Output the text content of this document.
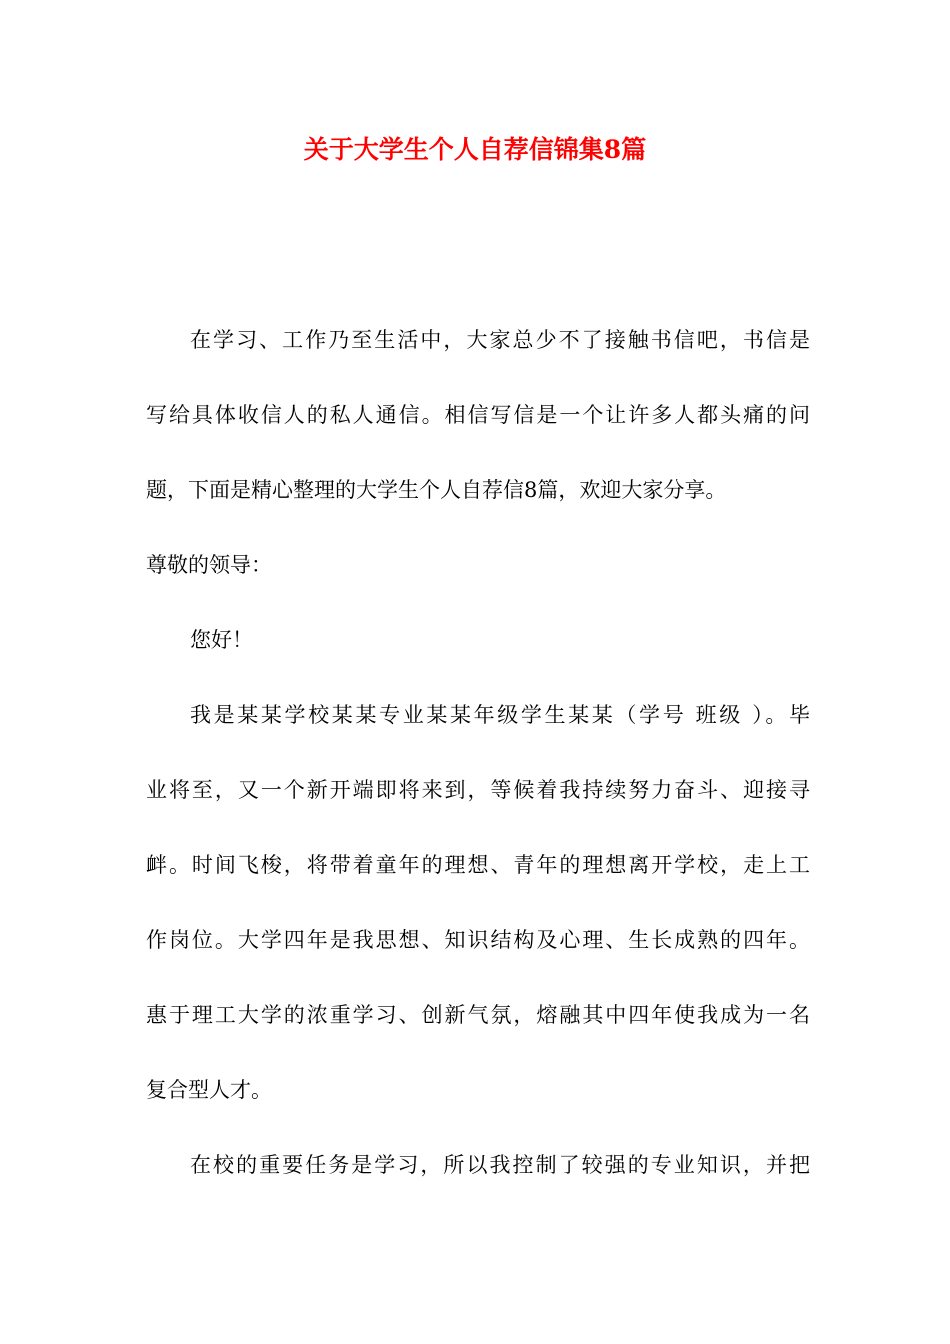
关于大学生个人自荐信锦集8篇
在学习、工作乃至生活中，大家总少不了接触书信吧，书信是
写给具体收信人的私人通信。相信写信是一个让许多人都头痛的问
题，下面是精心整理的大学生个人自荐信8篇，欢迎大家分享。
尊敬的领导：
您好！
我是某某学校某某专业某某年级学生某某（学号 班级 ）。毕
业将至，又一个新开端即将来到，等候着我持续努力奋斗、迎接寻
衅。时间飞梭，将带着童年的理想、青年的理想离开学校，走上工
作岗位。大学四年是我思想、知识结构及心理、生长成熟的四年。
惠于理工大学的浓重学习、创新气氛，熔融其中四年使我成为一名
复合型人才。
在校的重要任务是学习，所以我控制了较强的专业知识，并把
